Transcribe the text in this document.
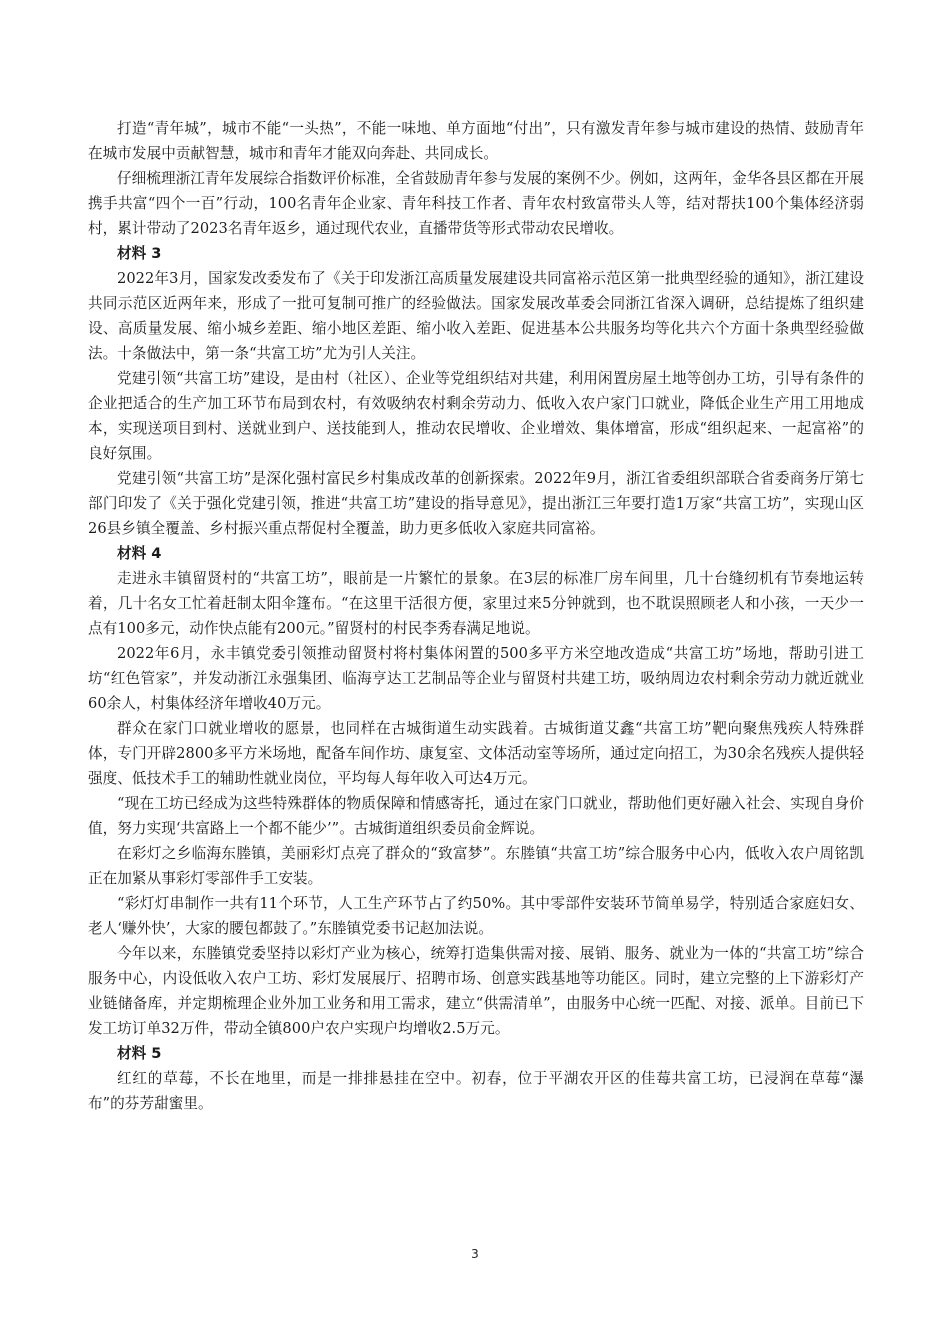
打造“青年城”，城市不能“一头热”，不能一味地、单方面地“付出”，只有激发青年参与城市建设的热情、鼓励青年在城市发展中贡献智慧，城市和青年才能双向奔赴、共同成长。

仔细梳理浙江青年发展综合指数评价标准，全省鼓励青年参与发展的案例不少。例如，这两年，金华各县区都在开展携手共富“四个一百”行动，100名青年企业家、青年科技工作者、青年农村致富带头人等，结对帮扶100个集体经济弱村，累计带动了2023名青年返乡，通过现代农业，直播带货等形式带动农民增收。

材料 3

2022年3月，国家发改委发布了《关于印发浙江高质量发展建设共同富裕示范区第一批典型经验的通知》，浙江建设共同示范区近两年来，形成了一批可复制可推广的经验做法。国家发展改革委会同浙江省深入调研，总结提炼了组织建设、高质量发展、缩小城乡差距、缩小地区差距、缩小收入差距、促进基本公共服务均等化共六个方面十条典型经验做法。十条做法中，第一条“共富工坊”尤为引人关注。

党建引领“共富工坊”建设，是由村（社区）、企业等党组织结对共建，利用闲置房屋土地等创办工坊，引导有条件的企业把适合的生产加工环节布局到农村，有效吸纳农村剩余劳动力、低收入农户家门口就业，降低企业生产用工用地成本，实现送项目到村、送就业到户、送技能到人，推动农民增收、企业增效、集体增富，形成“组织起来、一起富裕”的良好氛围。

党建引领“共富工坊”是深化强村富民乡村集成改革的创新探索。2022年9月，浙江省委组织部联合省委商务厅第七部门印发了《关于强化党建引领，推进“共富工坊”建设的指导意见》，提出浙江三年要打造1万家“共富工坊”，实现山区26县乡镇全覆盖、乡村振兴重点帮促村全覆盖，助力更多低收入家庭共同富裕。

材料 4

走进永丰镇留贤村的“共富工坊”，眼前是一片繁忙的景象。在3层的标准厂房车间里，几十台缝纫机有节奏地运转着，几十名女工忙着赶制太阳伞篷布。“在这里干活很方便，家里过来5分钟就到，也不耽误照顾老人和小孩，一天少一点有100多元，动作快点能有200元。”留贤村的村民李秀春满足地说。

2022年6月，永丰镇党委引领推动留贤村将村集体闲置的500多平方米空地改造成“共富工坊”场地，帮助引进工坊“红色管家”，并发动浙江永强集团、临海亨达工艺制品等企业与留贤村共建工坊，吸纳周边农村剩余劳动力就近就业60余人，村集体经济年增收40万元。

群众在家门口就业增收的愿景，也同样在古城街道生动实践着。古城街道艾鑫“共富工坊”靶向聚焦残疾人特殊群体，专门开辟2800多平方米场地，配备车间作坊、康复室、文体活动室等场所，通过定向招工，为30余名残疾人提供轻强度、低技术手工的辅助性就业岗位，平均每人每年收入可达4万元。

“现在工坊已经成为这些特殊群体的物质保障和情感寄托，通过在家门口就业，帮助他们更好融入社会、实现自身价值，努力实现‘共富路上一个都不能少’”。古城街道组织委员俞金辉说。

在彩灯之乡临海东塍镇，美丽彩灯点亮了群众的“致富梦”。东塍镇“共富工坊”综合服务中心内，低收入农户周铭凯正在加紧从事彩灯零部件手工安装。

“彩灯灯串制作一共有11个环节，人工生产环节占了约50%。其中零部件安装环节简单易学，特别适合家庭妇女、老人‘赚外快’，大家的腰包都鼓了。”东塍镇党委书记赵加法说。

今年以来，东塍镇党委坚持以彩灯产业为核心，统筹打造集供需对接、展销、服务、就业为一体的“共富工坊”综合服务中心，内设低收入农户工坊、彩灯发展展厅、招聘市场、创意实践基地等功能区。同时，建立完整的上下游彩灯产业链储备库，并定期梳理企业外加工业务和用工需求，建立“供需清单”，由服务中心统一匹配、对接、派单。目前已下发工坊订单32万件，带动全镇800户农户实现户均增收2.5万元。

材料 5

红红的草莓，不长在地里，而是一排排悬挂在空中。初春，位于平湖农开区的佳莓共富工坊，已浸润在草莓“瀑布”的芬芳甜蜜里。

3
